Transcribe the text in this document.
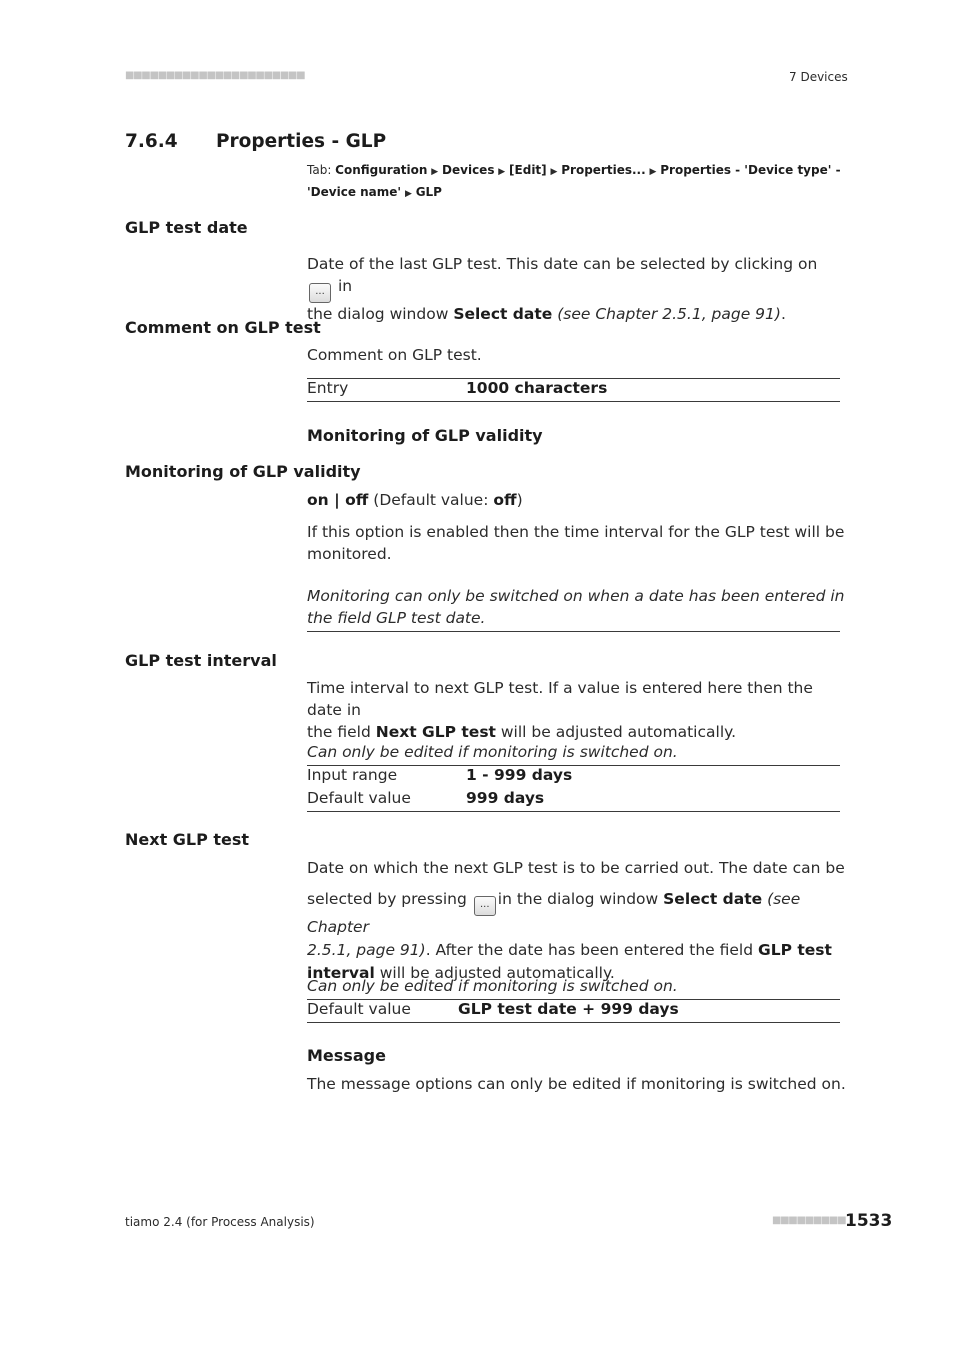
■■■■■■■■■■■■■■■■■■■■■■	7 Devices
7.6.4 Properties - GLP
Tab: Configuration ▶ Devices ▶ [Edit] ▶ Properties... ▶ Properties - 'Device type' -
'Device name' ▶ GLP
GLP test date
Date of the last GLP test. This date can be selected by clicking on ... in
the dialog window Select date (see Chapter 2.5.1, page 91).
Comment on GLP test
Comment on GLP test.
Entry	1000 characters
Monitoring of GLP validity
Monitoring of GLP validity
on | off (Default value: off)
If this option is enabled then the time interval for the GLP test will be
monitored.
Monitoring can only be switched on when a date has been entered in
the field GLP test date.
GLP test interval
Time interval to next GLP test. If a value is entered here then the date in
the field Next GLP test will be adjusted automatically.
Can only be edited if monitoring is switched on.
Input range	1 - 999 days
Default value	999 days
Next GLP test
Date on which the next GLP test is to be carried out. The date can be
selected by pressing ... in the dialog window Select date (see Chapter
2.5.1, page 91). After the date has been entered the field GLP test
interval will be adjusted automatically.
Can only be edited if monitoring is switched on.
Default value	GLP test date + 999 days
Message
The message options can only be edited if monitoring is switched on.
tiamo 2.4 (for Process Analysis)	■■■■■■■■■ 1533
